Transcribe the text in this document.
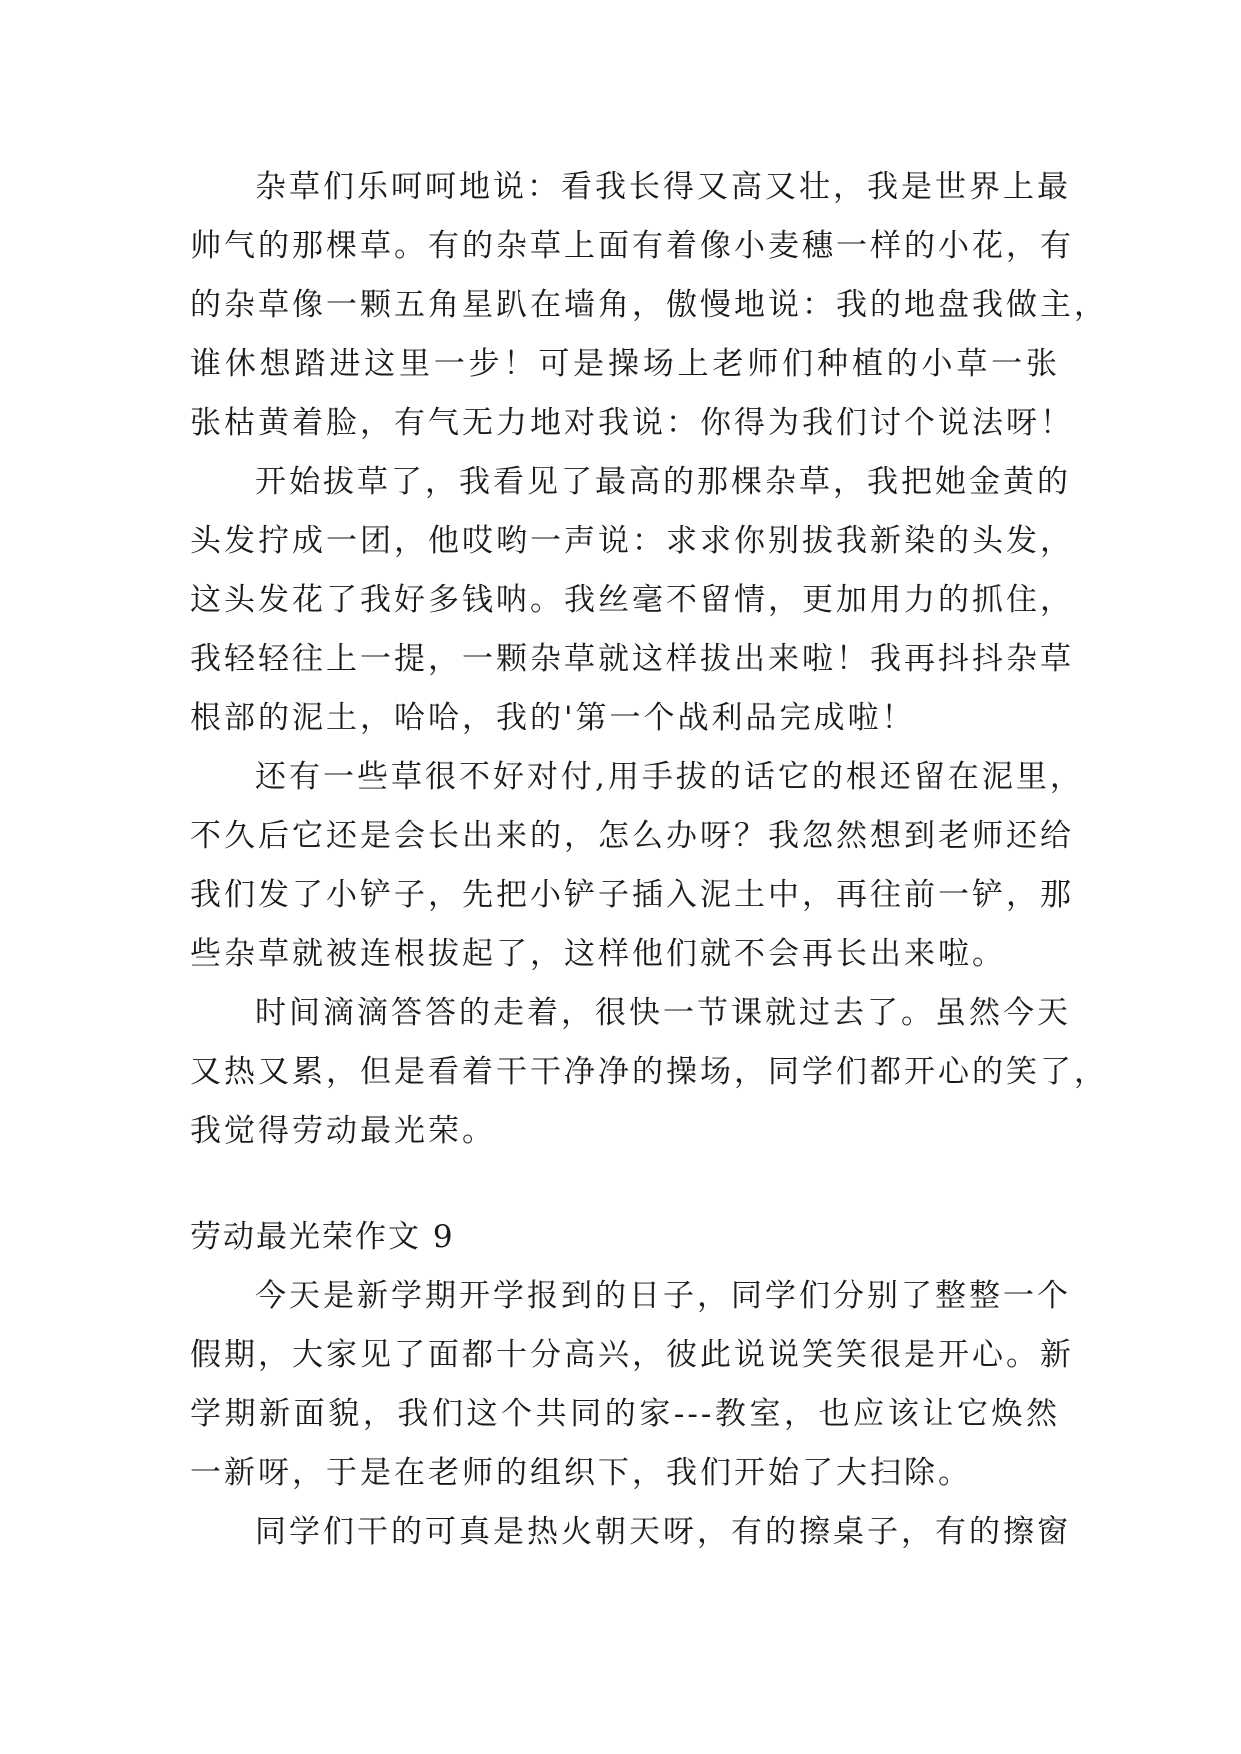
杂草们乐呵呵地说：看我长得又高又壮，我是世界上最
帅气的那棵草。有的杂草上面有着像小麦穗一样的小花，有
的杂草像一颗五角星趴在墙角，傲慢地说：我的地盘我做主，
谁休想踏进这里一步！可是操场上老师们种植的小草一张
张枯黄着脸，有气无力地对我说：你得为我们讨个说法呀！
开始拔草了，我看见了最高的那棵杂草，我把她金黄的
头发拧成一团，他哎哟一声说：求求你别拔我新染的头发，
这头发花了我好多钱呐。我丝毫不留情，更加用力的抓住，
我轻轻往上一提，一颗杂草就这样拔出来啦！我再抖抖杂草
根部的泥土，哈哈，我的'第一个战利品完成啦！
还有一些草很不好对付,用手拔的话它的根还留在泥里，
不久后它还是会长出来的，怎么办呀？我忽然想到老师还给
我们发了小铲子，先把小铲子插入泥土中，再往前一铲，那
些杂草就被连根拔起了，这样他们就不会再长出来啦。
时间滴滴答答的走着，很快一节课就过去了。虽然今天
又热又累，但是看着干干净净的操场，同学们都开心的笑了，
我觉得劳动最光荣。
劳动最光荣作文 9
今天是新学期开学报到的日子，同学们分别了整整一个
假期，大家见了面都十分高兴，彼此说说笑笑很是开心。新
学期新面貌，我们这个共同的家---教室，也应该让它焕然
一新呀，于是在老师的组织下，我们开始了大扫除。
同学们干的可真是热火朝天呀，有的擦桌子，有的擦窗
